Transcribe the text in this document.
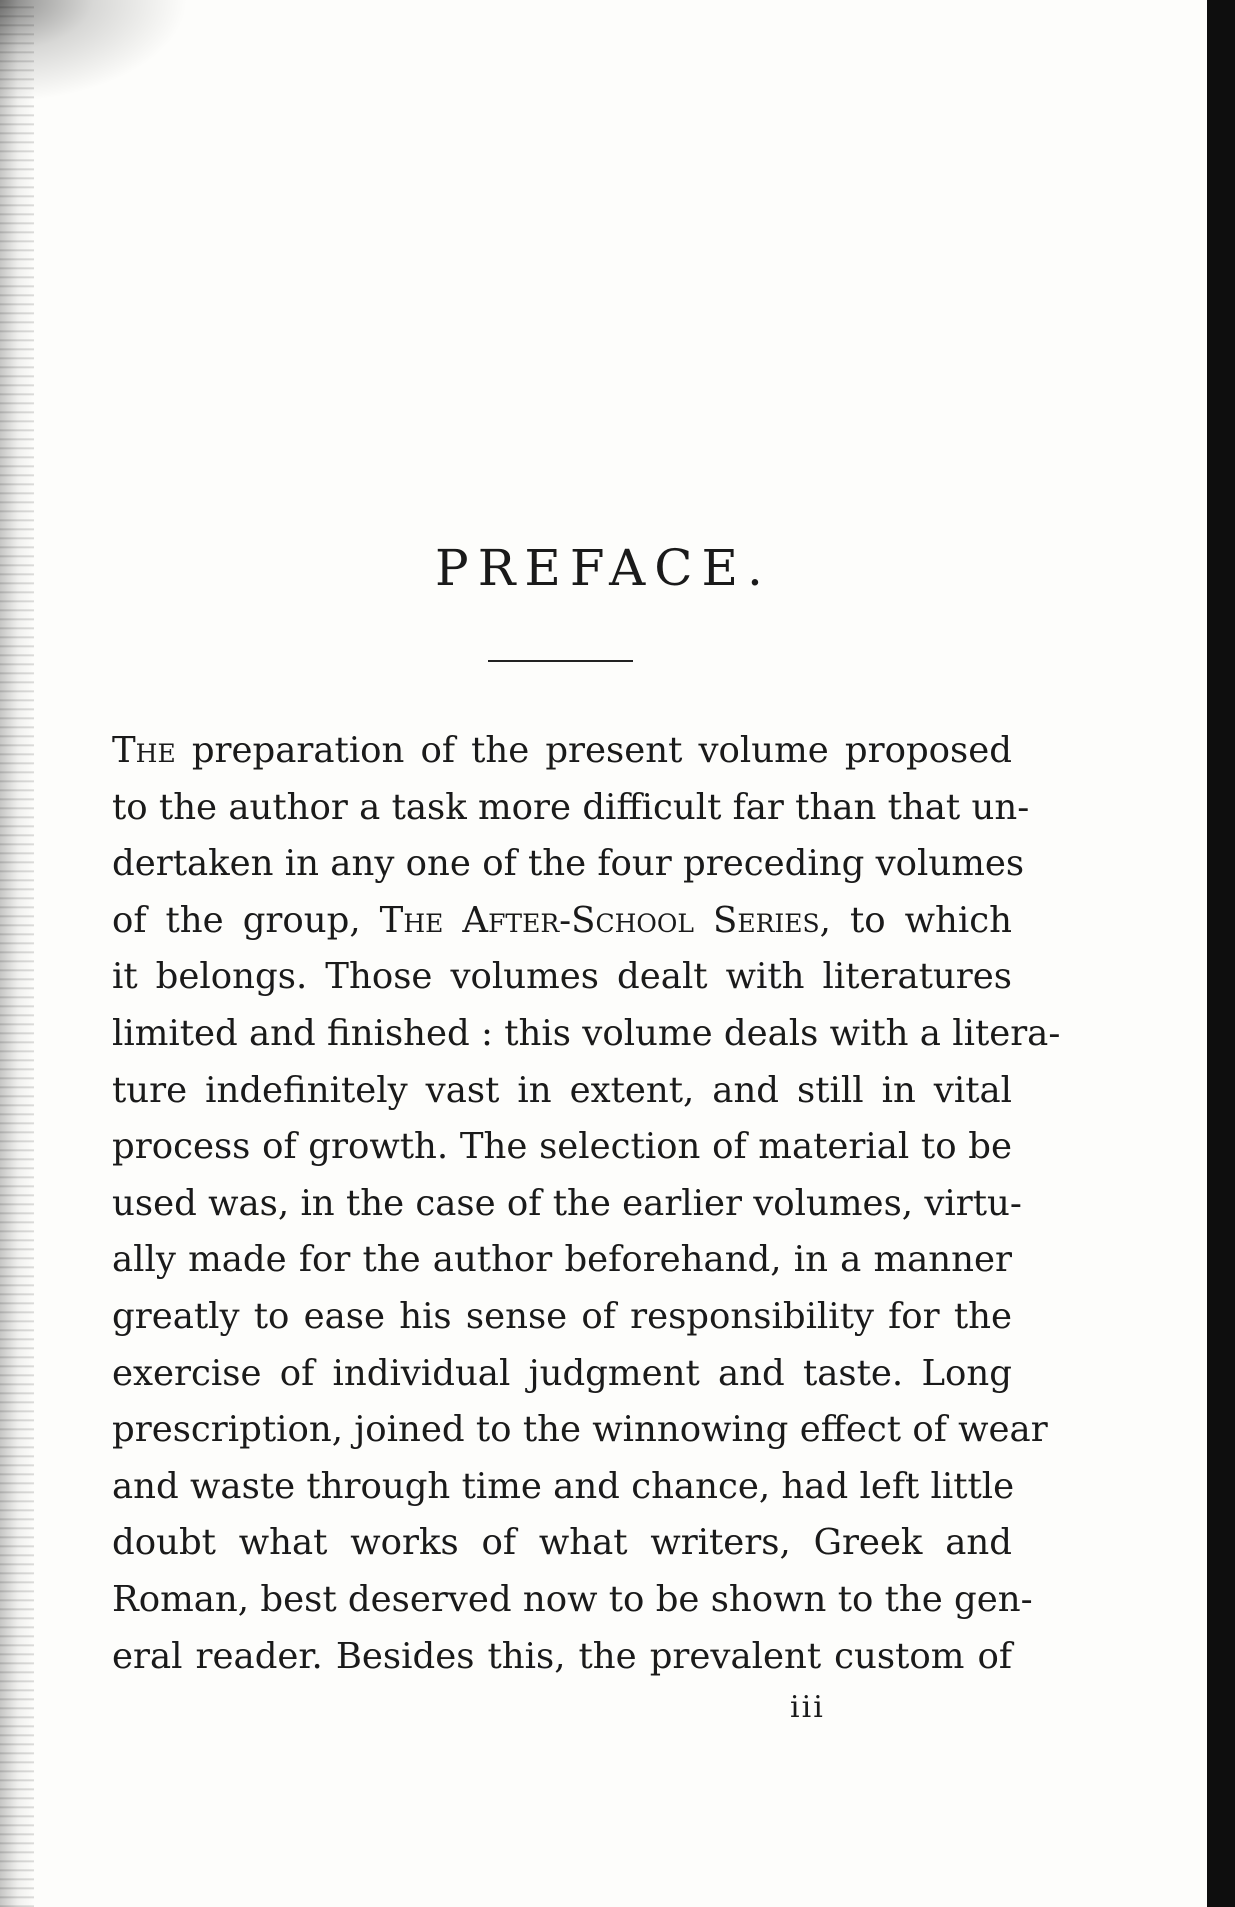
PREFACE.
The preparation of the present volume proposed
to the author a task more difficult far than that un-
dertaken in any one of the four preceding volumes
of the group, The After-School Series, to which
it belongs. Those volumes dealt with literatures
limited and finished : this volume deals with a litera-
ture indefinitely vast in extent, and still in vital
process of growth. The selection of material to be
used was, in the case of the earlier volumes, virtu-
ally made for the author beforehand, in a manner
greatly to ease his sense of responsibility for the
exercise of individual judgment and taste. Long
prescription, joined to the winnowing effect of wear
and waste through time and chance, had left little
doubt what works of what writers, Greek and
Roman, best deserved now to be shown to the gen-
eral reader. Besides this, the prevalent custom of
iii
